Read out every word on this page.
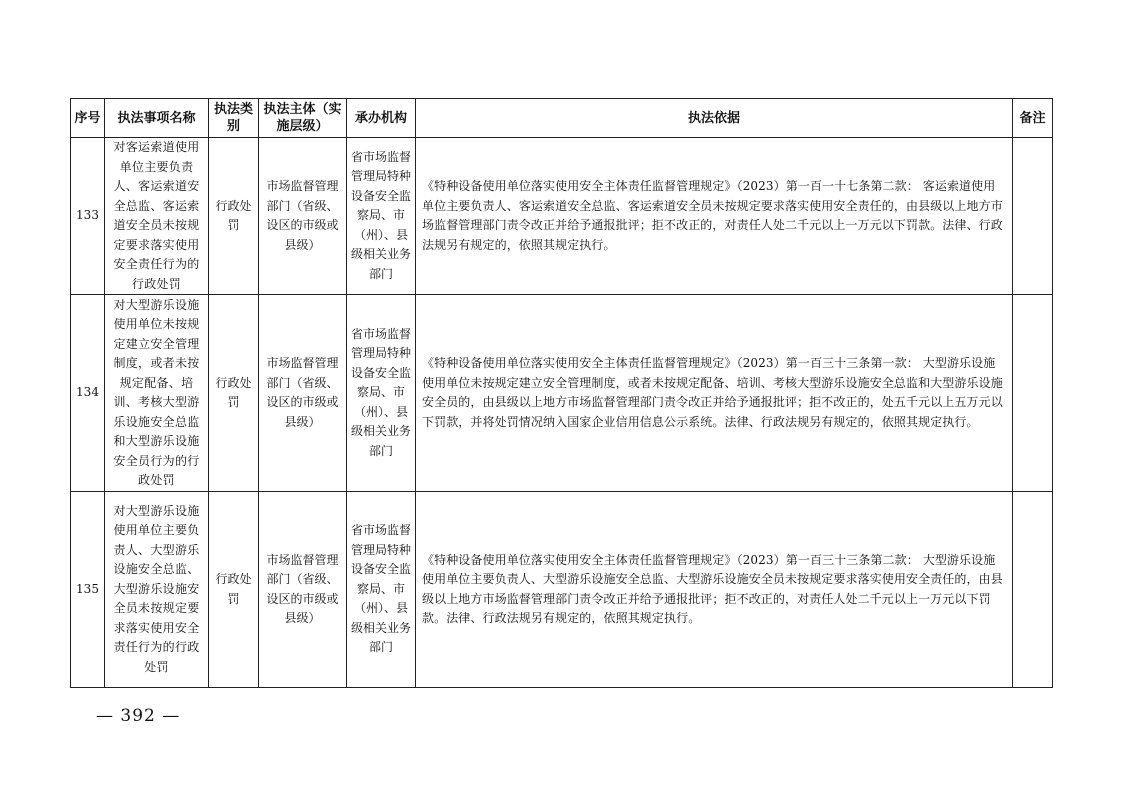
序号	执法事项名称	执法类别	执法主体（实施层级）	承办机构	执法依据	备注
133	对客运索道使用单位主要负责人、客运索道安全总监、客运索道安全员未按规定要求落实使用安全责任行为的行政处罚	行政处罚	市场监督管理部门（省级、设区的市级或县级）	省市场监督管理局特种设备安全监察局、市（州）、县级相关业务部门	《特种设备使用单位落实使用安全主体责任监督管理规定》（2023）第一百一十七条第二款： 客运索道使用单位主要负责人、客运索道安全总监、客运索道安全员未按规定要求落实使用安全责任的，由县级以上地方市场监督管理部门责令改正并给予通报批评；拒不改正的，对责任人处二千元以上一万元以下罚款。法律、行政法规另有规定的，依照其规定执行。	
134	对大型游乐设施使用单位未按规定建立安全管理制度，或者未按规定配备、培训、考核大型游乐设施安全总监和大型游乐设施安全员行为的行政处罚	行政处罚	市场监督管理部门（省级、设区的市级或县级）	省市场监督管理局特种设备安全监察局、市（州）、县级相关业务部门	《特种设备使用单位落实使用安全主体责任监督管理规定》（2023）第一百三十三条第一款： 大型游乐设施使用单位未按规定建立安全管理制度，或者未按规定配备、培训、考核大型游乐设施安全总监和大型游乐设施安全员的，由县级以上地方市场监督管理部门责令改正并给予通报批评；拒不改正的，处五千元以上五万元以下罚款，并将处罚情况纳入国家企业信用信息公示系统。法律、行政法规另有规定的，依照其规定执行。	
135	对大型游乐设施使用单位主要负责人、大型游乐设施安全总监、大型游乐设施安全员未按规定要求落实使用安全责任行为的行政处罚	行政处罚	市场监督管理部门（省级、设区的市级或县级）	省市场监督管理局特种设备安全监察局、市（州）、县级相关业务部门	《特种设备使用单位落实使用安全主体责任监督管理规定》（2023）第一百三十三条第二款： 大型游乐设施使用单位主要负责人、大型游乐设施安全总监、大型游乐设施安全员未按规定要求落实使用安全责任的，由县级以上地方市场监督管理部门责令改正并给予通报批评；拒不改正的，对责任人处二千元以上一万元以下罚款。法律、行政法规另有规定的，依照其规定执行。	
— 392 —
